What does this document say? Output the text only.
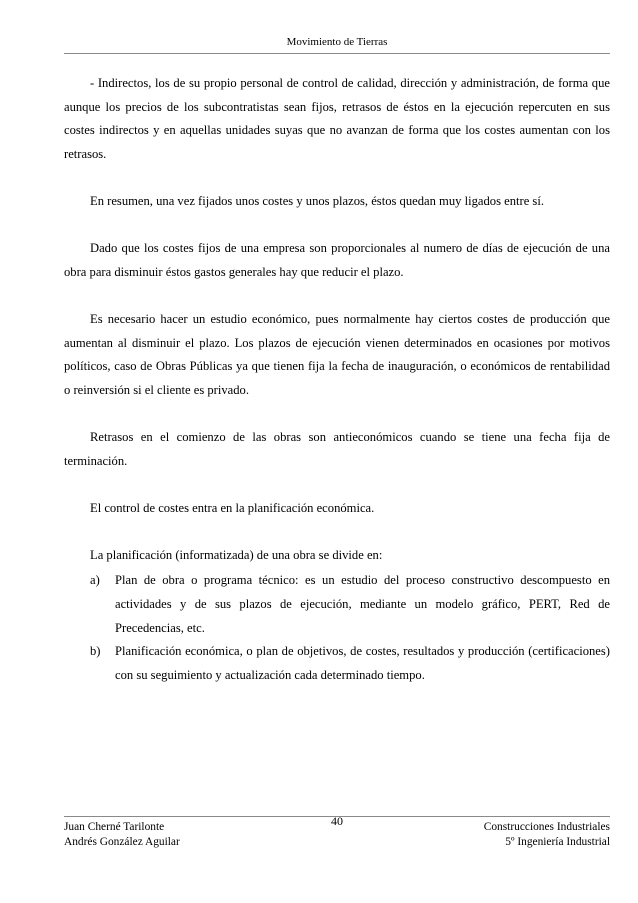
Movimiento de Tierras

- Indirectos, los de su propio personal de control de calidad, dirección y administración, de forma que aunque los precios de los subcontratistas sean fijos, retrasos de éstos en la ejecución repercuten en sus costes indirectos y en aquellas unidades suyas que no avanzan de forma que los costes aumentan con los retrasos.

En resumen, una vez fijados unos costes y unos plazos, éstos quedan muy ligados entre sí.

Dado que los costes fijos de una empresa son proporcionales al numero de días de ejecución de una obra para disminuir éstos gastos generales hay que reducir el plazo.

Es necesario hacer un estudio económico, pues normalmente hay ciertos costes de producción que aumentan al disminuir el plazo. Los plazos de ejecución vienen determinados en ocasiones por motivos políticos, caso de Obras Públicas ya que tienen fija la fecha de inauguración, o económicos de rentabilidad o reinversión si el cliente es privado.

Retrasos en el comienzo de las obras son antieconómicos cuando se tiene una fecha fija de terminación.

El control de costes entra en la planificación económica.

La planificación (informatizada) de una obra se divide en:

a) Plan de obra o programa técnico: es un estudio del proceso constructivo descompuesto en actividades y de sus plazos de ejecución, mediante un modelo gráfico, PERT, Red de Precedencias, etc.
b) Planificación económica, o plan de objetivos, de costes, resultados y producción (certificaciones) con su seguimiento y actualización cada determinado tiempo.
Juan Cherné Tarilonte
Andrés González Aguilar
40	Construcciones Industriales
5º Ingeniería Industrial
